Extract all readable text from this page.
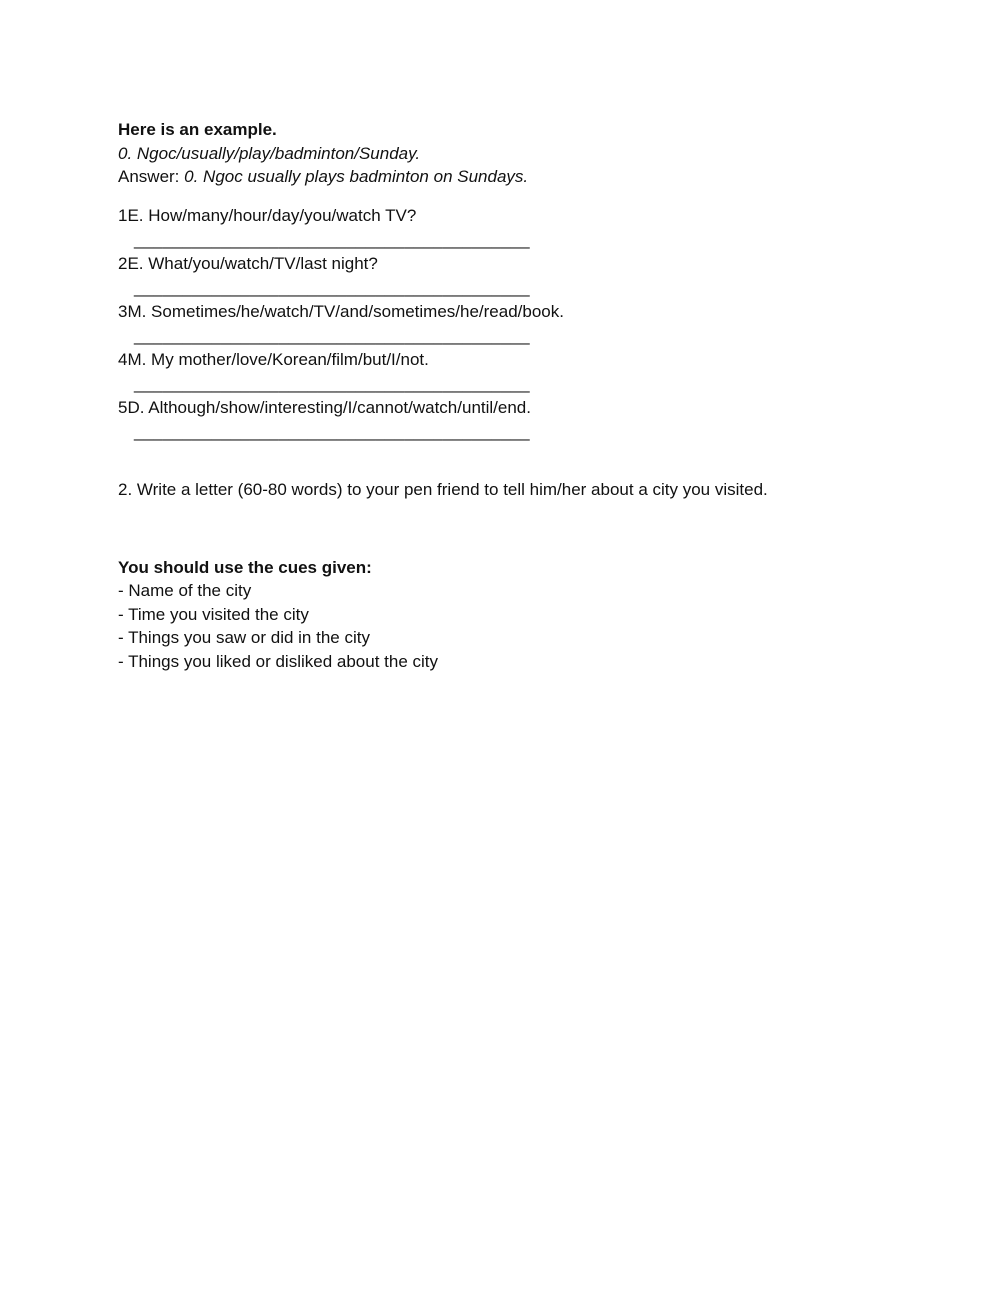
Here is an example.
0. Ngoc/usually/play/badminton/Sunday.
Answer: 0. Ngoc usually plays badminton on Sundays.
1E. How/many/hour/day/you/watch TV?
_________________________________________
2E. What/you/watch/TV/last night?
_________________________________________
3M. Sometimes/he/watch/TV/and/sometimes/he/read/book.
_________________________________________
4M. My mother/love/Korean/film/but/I/not.
_________________________________________
5D. Although/show/interesting/I/cannot/watch/until/end.
_________________________________________
2. Write a letter (60-80 words) to your pen friend to tell him/her about a city you visited.
You should use the cues given:
- Name of the city
- Time you visited the city
- Things you saw or did in the city
- Things you liked or disliked about the city
